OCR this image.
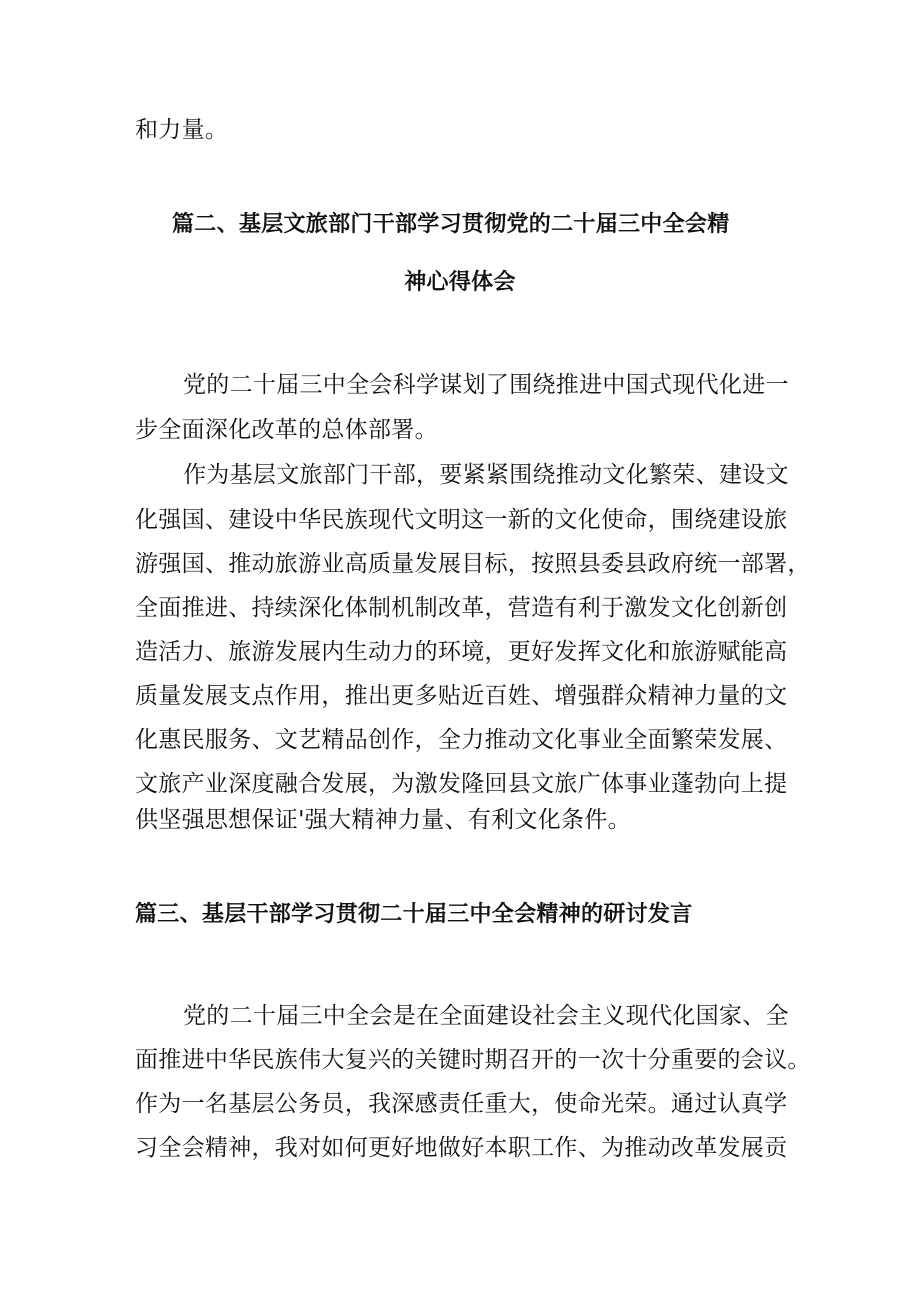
和力量。
篇二、基层文旅部门干部学习贯彻党的二十届三中全会精
神心得体会
党的二十届三中全会科学谋划了围绕推进中国式现代化进一
步全面深化改革的总体部署。
作为基层文旅部门干部，要紧紧围绕推动文化繁荣、建设文
化强国、建设中华民族现代文明这一新的文化使命，围绕建设旅
游强国、推动旅游业高质量发展目标，按照县委县政府统一部署，
全面推进、持续深化体制机制改革，营造有利于激发文化创新创
造活力、旅游发展内生动力的环境，更好发挥文化和旅游赋能高
质量发展支点作用，推出更多贴近百姓、增强群众精神力量的文
化惠民服务、文艺精品创作，全力推动文化事业全面繁荣发展、
文旅产业深度融合发展，为激发隆回县文旅广体事业蓬勃向上提
供坚强思想保证'强大精神力量、有利文化条件。
篇三、基层干部学习贯彻二十届三中全会精神的研讨发言
党的二十届三中全会是在全面建设社会主义现代化国家、全
面推进中华民族伟大复兴的关键时期召开的一次十分重要的会议。
作为一名基层公务员，我深感责任重大，使命光荣。通过认真学
习全会精神，我对如何更好地做好本职工作、为推动改革发展贡
